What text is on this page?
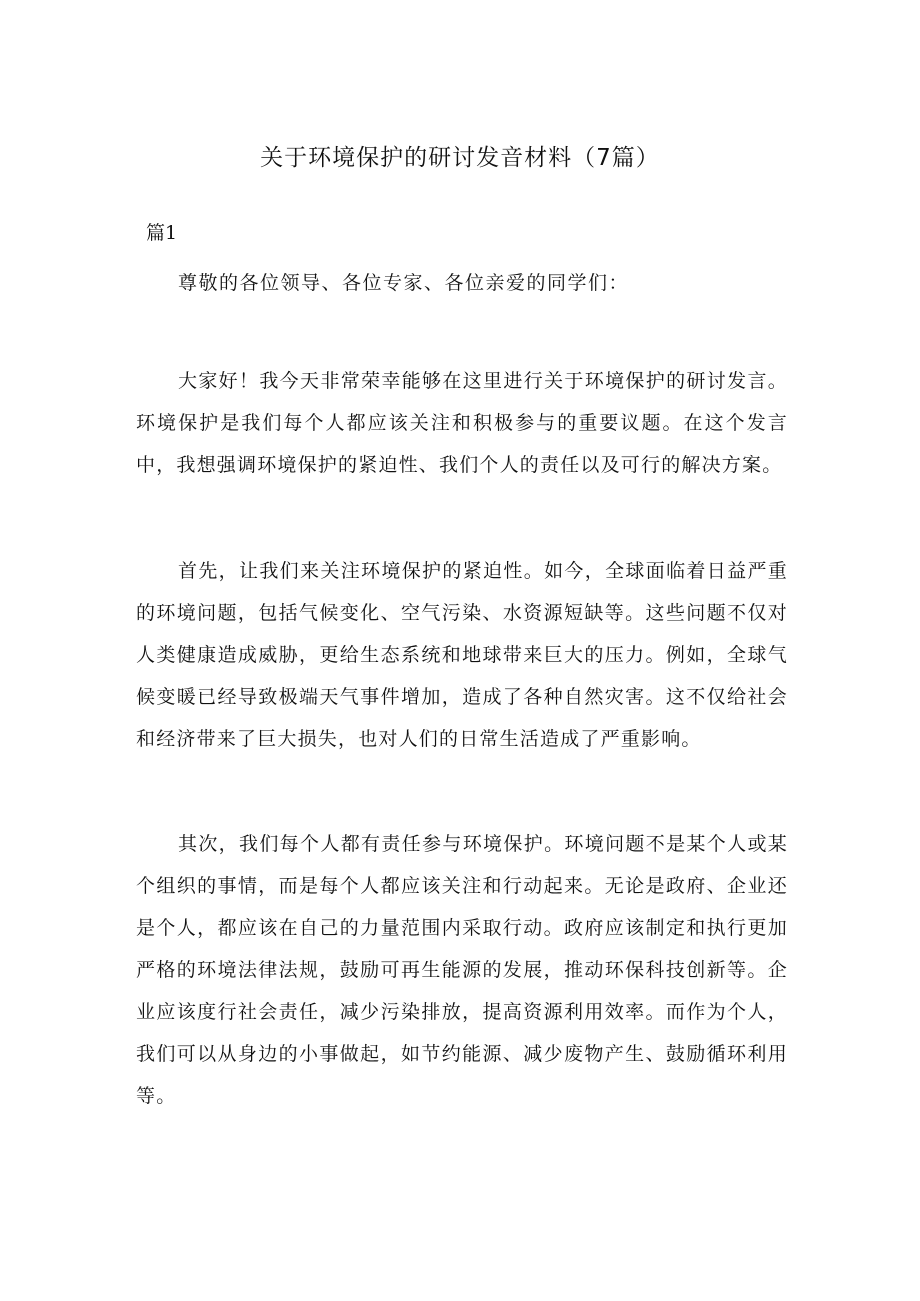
关于环境保护的研讨发音材料（7篇）

篇1

尊敬的各位领导、各位专家、各位亲爱的同学们：

大家好！我今天非常荣幸能够在这里进行关于环境保护的研讨发言。环境保护是我们每个人都应该关注和积极参与的重要议题。在这个发言中，我想强调环境保护的紧迫性、我们个人的责任以及可行的解决方案。

首先，让我们来关注环境保护的紧迫性。如今，全球面临着日益严重的环境问题，包括气候变化、空气污染、水资源短缺等。这些问题不仅对人类健康造成威胁，更给生态系统和地球带来巨大的压力。例如，全球气候变暖已经导致极端天气事件增加，造成了各种自然灾害。这不仅给社会和经济带来了巨大损失，也对人们的日常生活造成了严重影响。

其次，我们每个人都有责任参与环境保护。环境问题不是某个人或某个组织的事情，而是每个人都应该关注和行动起来。无论是政府、企业还是个人，都应该在自己的力量范围内采取行动。政府应该制定和执行更加严格的环境法律法规，鼓励可再生能源的发展，推动环保科技创新等。企业应该度行社会责任，减少污染排放，提高资源利用效率。而作为个人，我们可以从身边的小事做起，如节约能源、减少废物产生、鼓励循环利用等。
